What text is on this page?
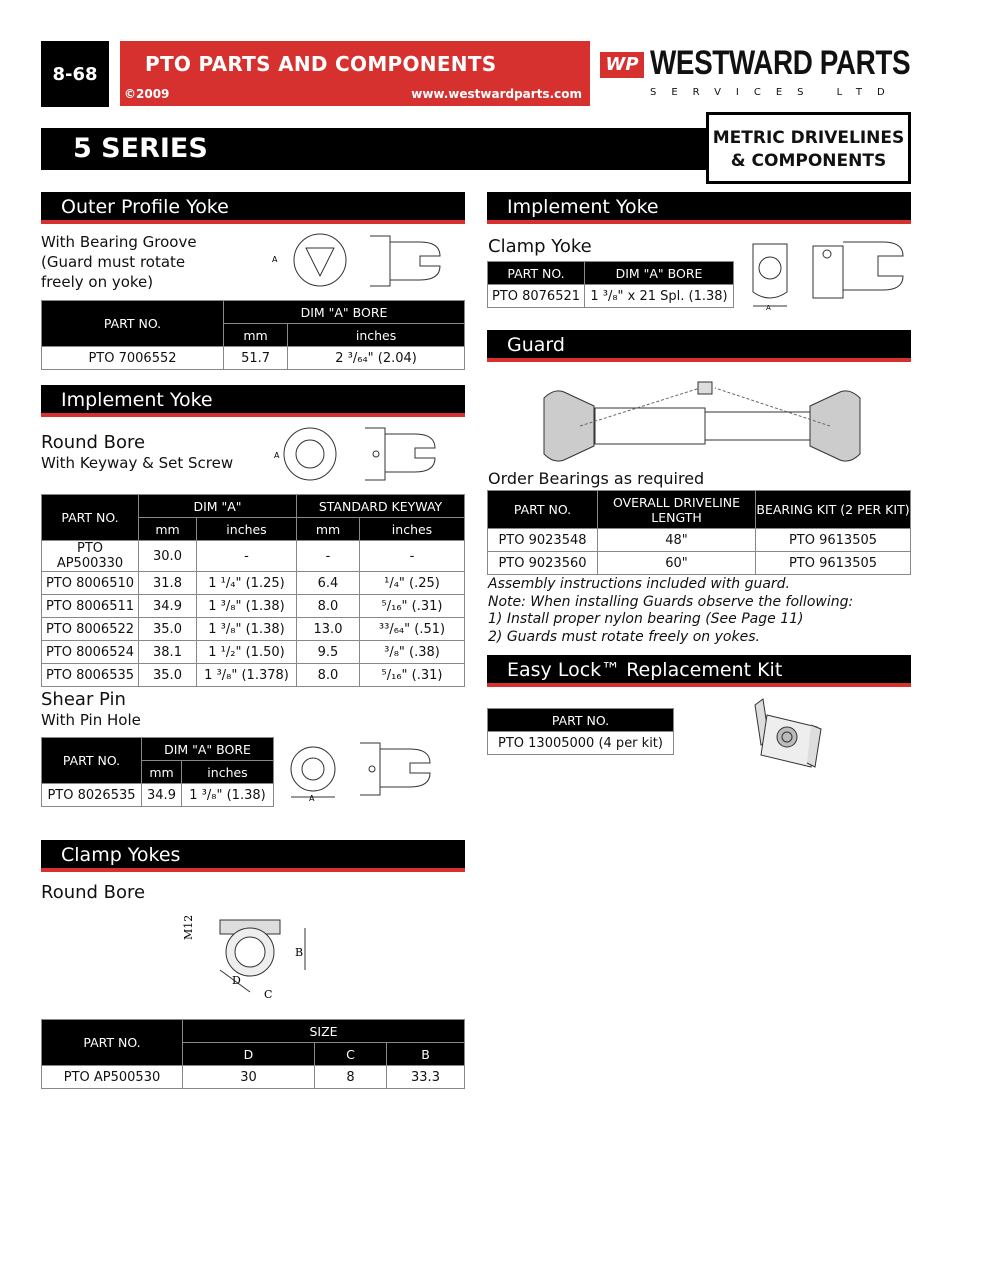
8-68	PTO PARTS AND COMPONENTS
©2009	www.westwardparts.com
WP WESTWARD PARTS
SERVICES LTD
5 SERIES	METRIC DRIVELINES
& COMPONENTS
Outer Profile Yoke
With Bearing Groove
(Guard must rotate
freely on yoke)
A
PART NO.	DIM "A" BORE	
	mm	inches
PTO 7006552	51.7	2 ³/₆₄" (2.04)
Implement Yoke
Round Bore
With Keyway & Set Screw	A
PART NO.	DIM "A"		STANDARD KEYWAY	
	mm	inches	mm	inches
PTO AP500330	30.0	-	-	-
PTO 8006510	31.8	1 ¹/₄" (1.25)	6.4	¹/₄" (.25)
PTO 8006511	34.9	1 ³/₈" (1.38)	8.0	⁵/₁₆" (.31)
PTO 8006522	35.0	1 ³/₈" (1.38)	13.0	³³/₆₄" (.51)
PTO 8006524	38.1	1 ¹/₂" (1.50)	9.5	³/₈" (.38)
PTO 8006535	35.0	1 ³/₈" (1.378)	8.0	⁵/₁₆" (.31)
Shear Pin
With Pin Hole
PART NO.	DIM "A" BORE	
	mm	inches
PTO 8026535	34.9	1 ³/₈" (1.38)	A
Clamp Yokes
Round Bore
M12
B
D
C
PART NO.	SIZE		
	D	C	B
PTO AP500530	30	8	33.3
Implement Yoke
Clamp Yoke
PART NO.	DIM "A" BORE
PTO 8076521	1 ³/₈" x 21 Spl. (1.38)
A
Guard
Order Bearings as required
PART NO.	OVERALL DRIVELINE LENGTH	BEARING KIT (2 PER KIT)
PTO 9023548	48"	PTO 9613505
PTO 9023560	60"	PTO 9613505
Assembly instructions included with guard.
Note: When installing Guards observe the following:
1) Install proper nylon bearing (See Page 11)
2) Guards must rotate freely on yokes.
Easy Lock™ Replacement Kit
PART NO.
PTO 13005000 (4 per kit)
